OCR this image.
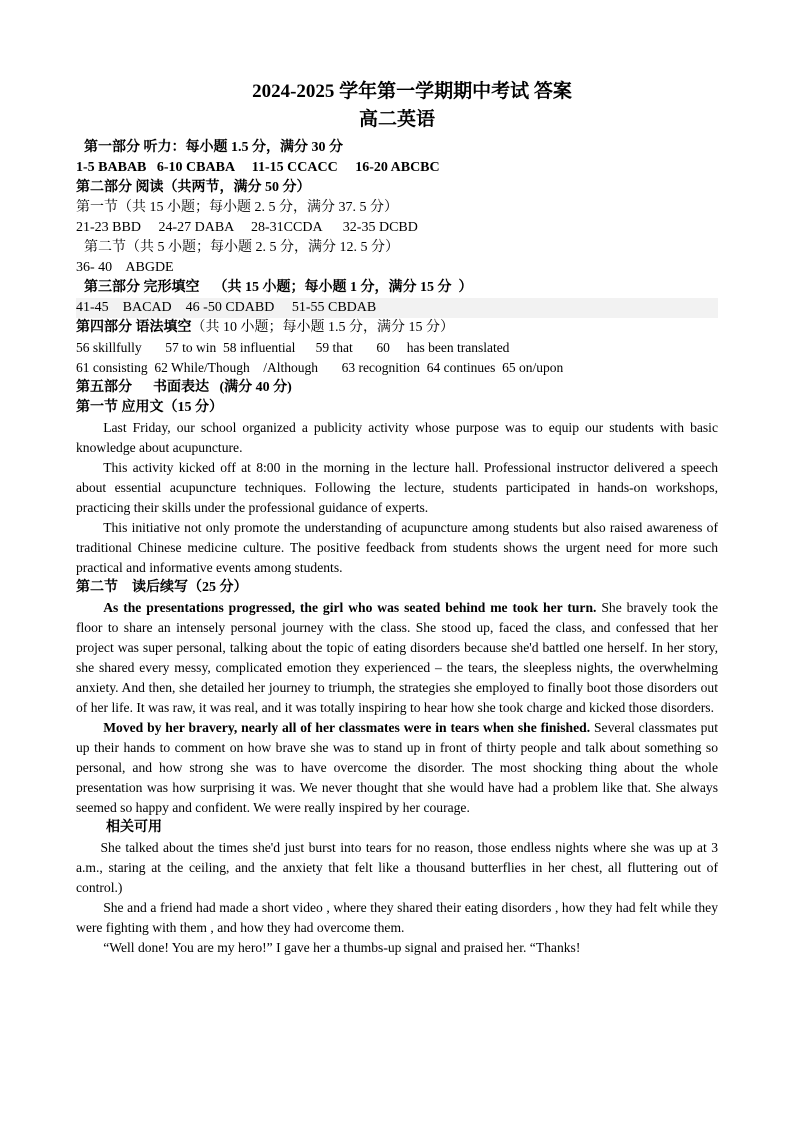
2024-2025 学年第一学期期中考试 答案
高二英语
第一部分 听力：每小题 1.5 分，满分 30 分
1-5 BABAB   6-10 CBABA     11-15 CCACC     16-20 ABCBC
第二部分 阅读（共两节，满分 50 分）
第一节（共 15 小题；每小题 2. 5 分，满分 37. 5 分）
21-23 BBD     24-27 DABA     28-31CCDA      32-35 DCBD
第二节（共 5 小题；每小题 2. 5 分，满分 12. 5 分）
36- 40    ABGDE
第三部分 完形填空    （共 15 小题；每小题 1 分，满分 15 分  ）
41-45    BACAD    46 -50 CDABD     51-55 CBDAB
第四部分 语法填空（共 10 小题；每小题 1.5 分，满分 15 分）
56 skillfully       57 to win  58 influential      59 that       60     has been translated
61 consisting  62 While/Though    /Although       63 recognition  64 continues  65 on/upon
第五部分      书面表达   (满分 40 分)
第一节 应用文（15 分）

Last Friday, our school organized a publicity activity whose purpose was to equip our students with basic knowledge about acupuncture.

This activity kicked off at 8:00 in the morning in the lecture hall. Professional instructor delivered a speech about essential acupuncture techniques. Following the lecture, students participated in hands-on workshops, practicing their skills under the professional guidance of experts.

This initiative not only promote the understanding of acupuncture among students but also raised awareness of traditional Chinese medicine culture. The positive feedback from students shows the urgent need for more such practical and informative events among students.

第二节    读后续写（25 分）

As the presentations progressed, the girl who was seated behind me took her turn. She bravely took the floor to share an intensely personal journey with the class. She stood up, faced the class, and confessed that her project was super personal, talking about the topic of eating disorders because she'd battled one herself. In her story, she shared every messy, complicated emotion they experienced – the tears, the sleepless nights, the overwhelming anxiety. And then, she detailed her journey to triumph, the strategies she employed to finally boot those disorders out of her life. It was raw, it was real, and it was totally inspiring to hear how she took charge and kicked those disorders.

Moved by her bravery, nearly all of her classmates were in tears when she finished. Several classmates put up their hands to comment on how brave she was to stand up in front of thirty people and talk about something so personal, and how strong she was to have overcome the disorder. The most shocking thing about the whole presentation was how surprising it was. We never thought that she would have had a problem like that. She always seemed so happy and confident. We were really inspired by her courage.

相关可用

She talked about the times she'd just burst into tears for no reason, those endless nights where she was up at 3 a.m., staring at the ceiling, and the anxiety that felt like a thousand butterflies in her chest, all fluttering out of control.)

She and a friend had made a short video , where they shared their eating disorders , how they had felt while they were fighting with them , and how they had overcome them.

“Well done! You are my hero!” I gave her a thumbs-up signal and praised her. “Thanks!
